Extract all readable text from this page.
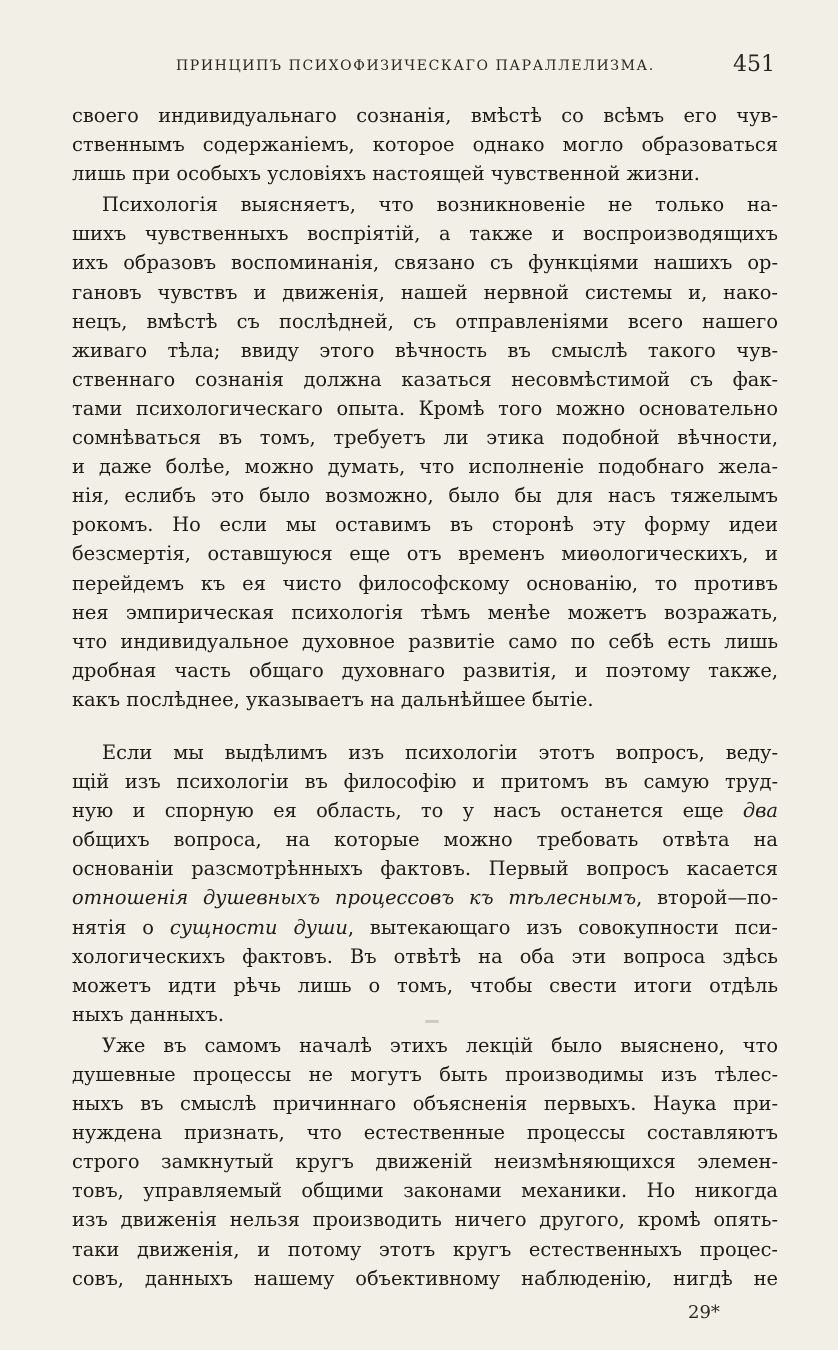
ПРИНЦИПЪ ПСИХОФИЗИЧЕСКАГО ПАРАЛЛЕЛИЗМА.	451
своего индивидуальнаго сознанія, вмѣстѣ со всѣмъ его чув-
ственнымъ содержаніемъ, которое однако могло образоваться
лишь при особыхъ условіяхъ настоящей чувственной жизни.
Психологія выясняетъ, что возникновеніе не только на-
шихъ чувственныхъ воспріятій, а также и воспроизводящихъ
ихъ образовъ воспоминанія, связано съ функціями нашихъ ор-
гановъ чувствъ и движенія, нашей нервной системы и, нако-
нецъ, вмѣстѣ съ послѣдней, съ отправленіями всего нашего
живаго тѣла; ввиду этого вѣчность въ смыслѣ такого чув-
ственнаго сознанія должна казаться несовмѣстимой съ фак-
тами психологическаго опыта. Кромѣ того можно основательно
сомнѣваться въ томъ, требуетъ ли этика подобной вѣчности,
и даже болѣе, можно думать, что исполненіе подобнаго жела-
нія, еслибъ это было возможно, было бы для насъ тяжелымъ
рокомъ. Но если мы оставимъ въ сторонѣ эту форму идеи
безсмертія, оставшуюся еще отъ временъ миѳологическихъ, и
перейдемъ къ ея чисто философскому основанію, то противъ
нея эмпирическая психологія тѣмъ менѣе можетъ возражать,
что индивидуальное духовное развитіе само по себѣ есть лишь
дробная часть общаго духовнаго развитія, и поэтому также,
какъ послѣднее, указываетъ на дальнѣйшее бытіе.
Если мы выдѣлимъ изъ психологіи этотъ вопросъ, веду-
щій изъ психологіи въ философію и притомъ въ самую труд-
ную и спорную ея область, то у насъ останется еще два
общихъ вопроса, на которые можно требовать отвѣта на
основаніи разсмотрѣнныхъ фактовъ. Первый вопросъ касается
отношенія душевныхъ процессовъ къ тѣлеснымъ, второй—по-
нятія о сущности души, вытекающаго изъ совокупности пси-
хологическихъ фактовъ. Въ отвѣтѣ на оба эти вопроса здѣсь
можетъ идти рѣчь лишь о томъ, чтобы свести итоги отдѣль
ныхъ данныхъ.
Уже въ самомъ началѣ этихъ лекцій было выяснено, что
душевные процессы не могутъ быть производимы изъ тѣлес-
ныхъ въ смыслѣ причиннаго объясненія первыхъ. Наука при-
нуждена признать, что естественные процессы составляютъ
строго замкнутый кругъ движеній неизмѣняющихся элемен-
товъ, управляемый общими законами механики. Но никогда
изъ движенія нельзя производить ничего другого, кромѣ опять-
таки движенія, и потому этотъ кругъ естественныхъ процес-
совъ, данныхъ нашему объективному наблюденію, нигдѣ не
29*
